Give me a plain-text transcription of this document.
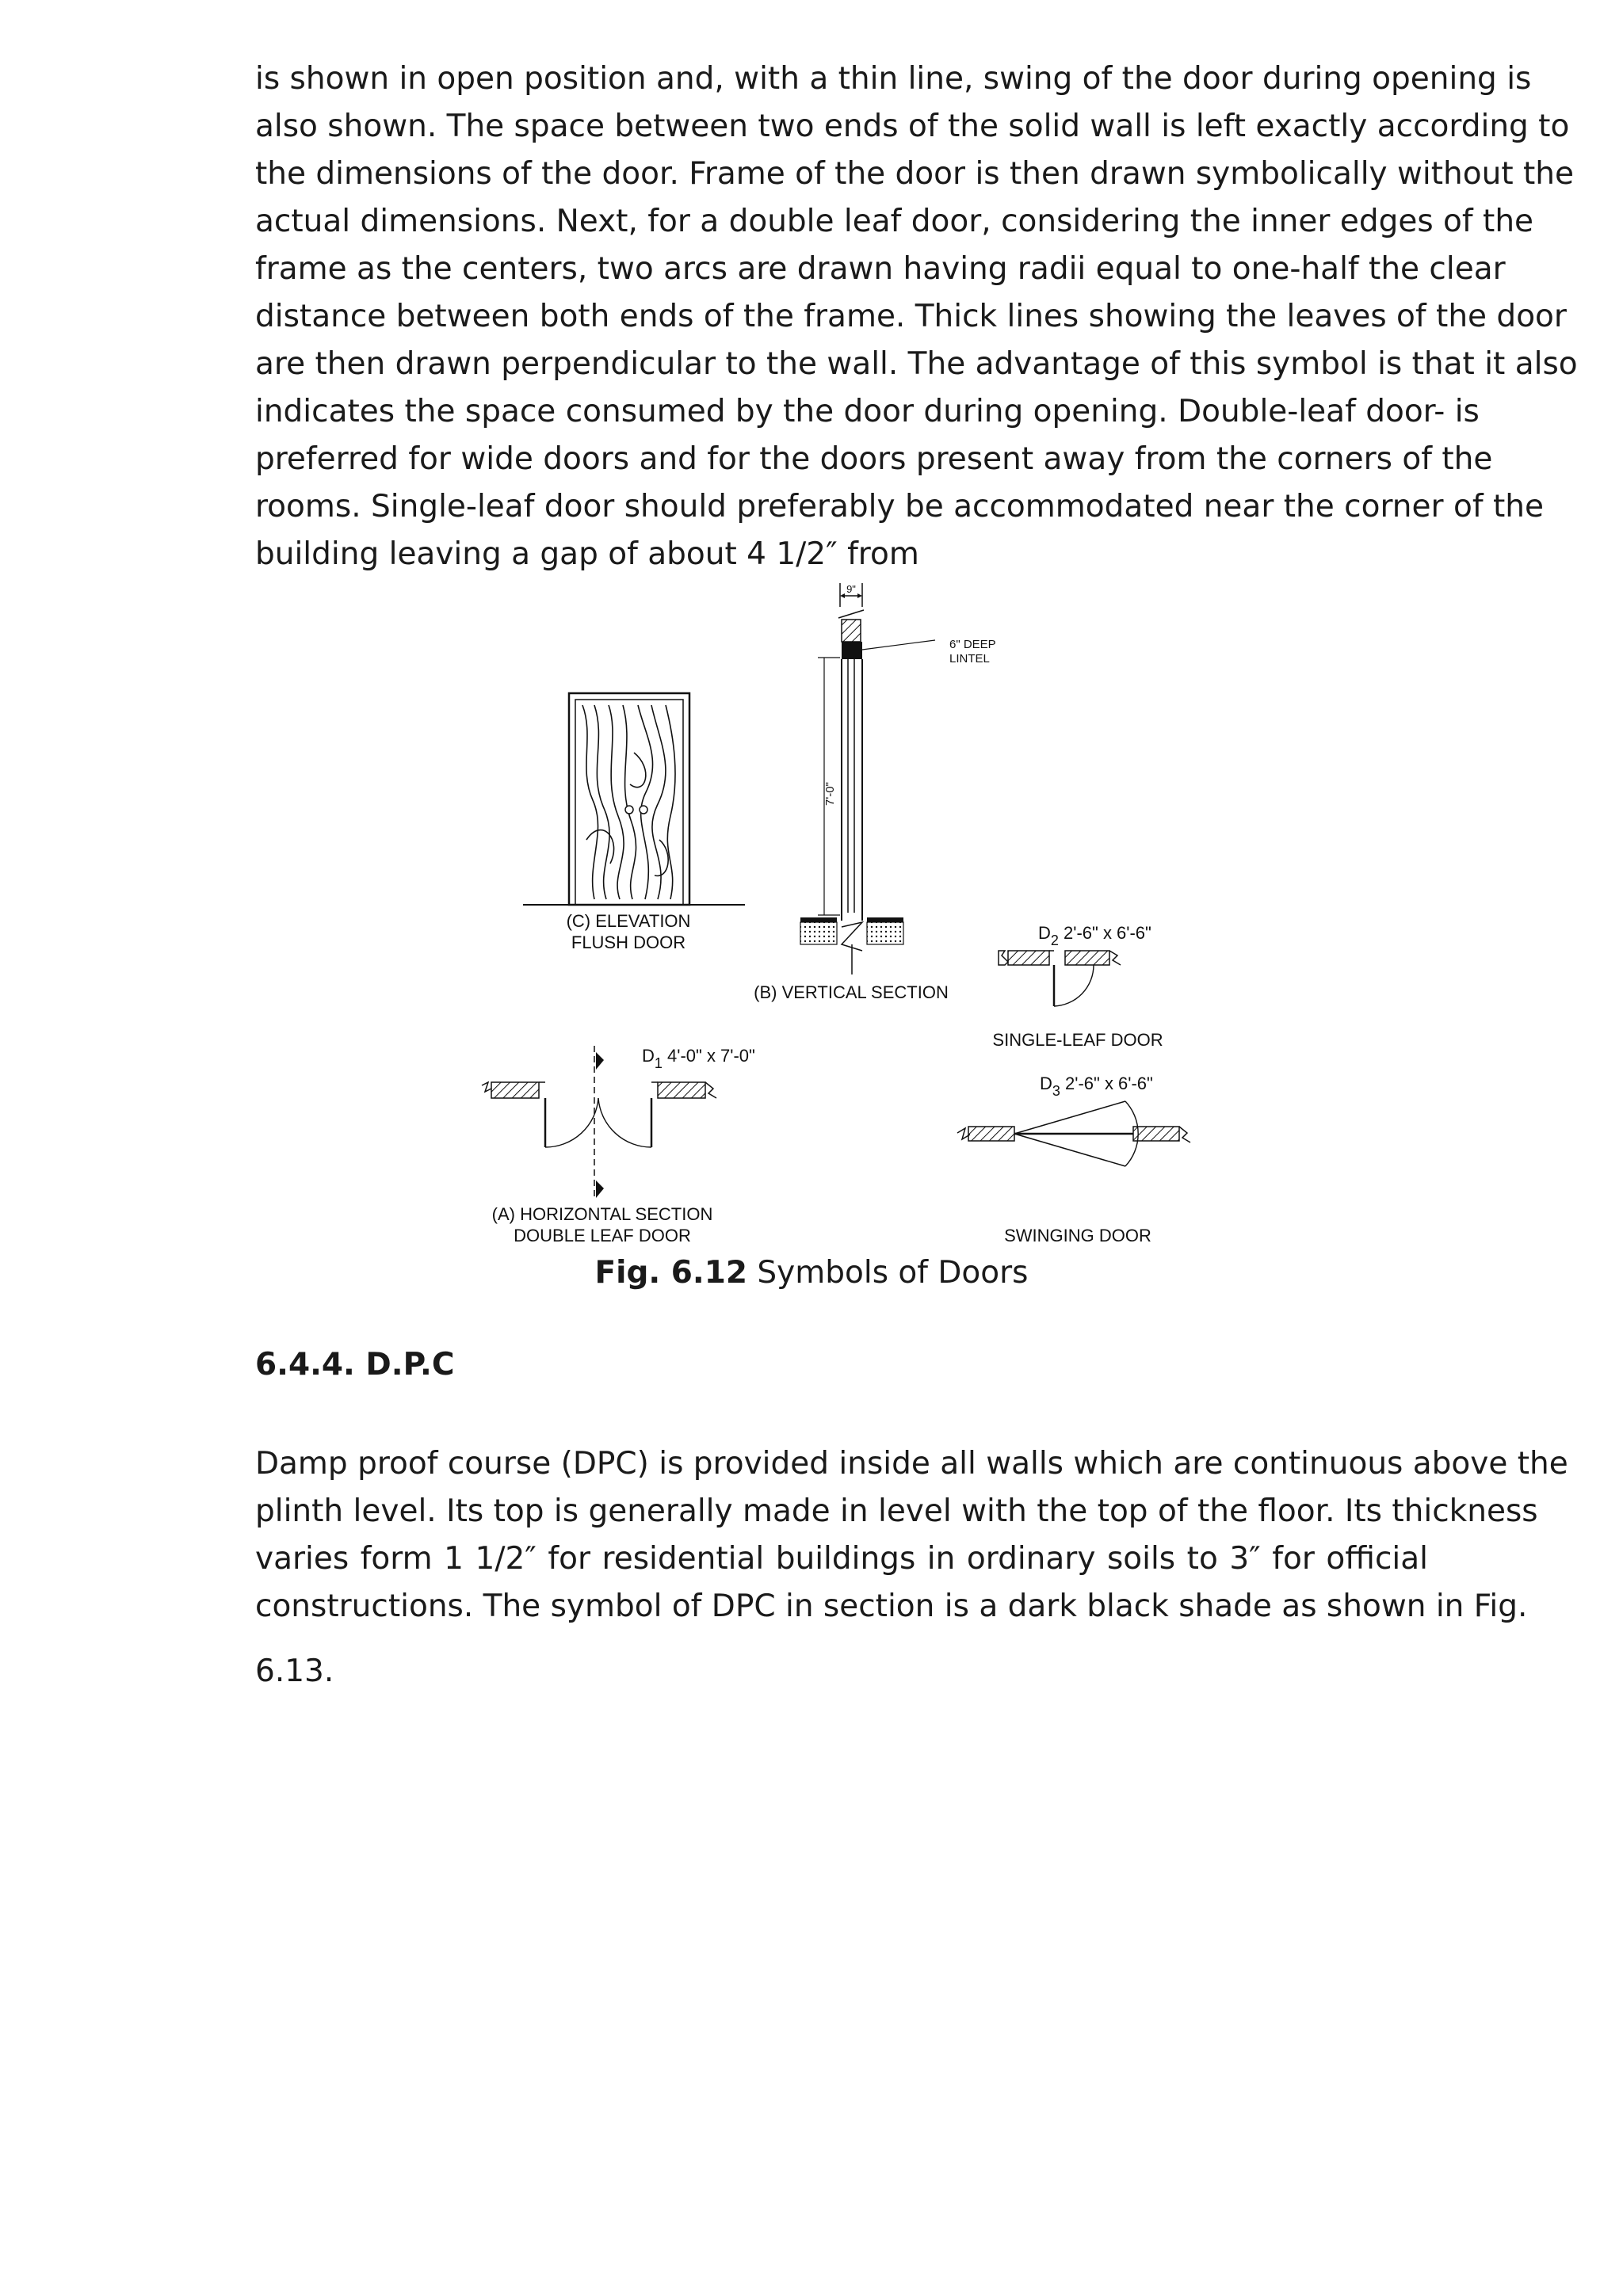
is shown in open position and, with a thin line, swing of the door during opening is
also shown. The space between two ends of the solid wall is left exactly according to
the dimensions of the door. Frame of the door is then drawn symbolically without the
actual dimensions. Next, for a double leaf door, considering the inner edges of the
frame as the centers, two arcs are drawn having radii equal to one-half the clear
distance between both ends of the frame. Thick lines showing the leaves of the door
are then drawn perpendicular to the wall. The advantage of this symbol is that it also
indicates the space consumed by the door during opening. Double-leaf door- is
preferred for wide doors and for the doors present away from the corners of the
rooms. Single-leaf door should preferably be accommodated near the corner of the
building leaving a gap of about 4 1/2″ from
(C) ELEVATION
FLUSH DOOR
9"
6" DEEP
LINTEL
7'-0"
(B) VERTICAL SECTION
$D_2$ 2'-6" x 6'-6"
SINGLE-LEAF DOOR
$D_1$ 4'-0" x 7'-0"
(A) HORIZONTAL SECTION
DOUBLE LEAF DOOR
$D_3$ 2'-6" x 6'-6"
SWINGING DOOR
Fig. 6.12 Symbols of Doors
6.4.4. D.P.C
Damp proof course (DPC) is provided inside all walls which are continuous above the
plinth level. Its top is generally made in level with the top of the floor. Its thickness
varies form 1 1/2″ for residential buildings in ordinary soils to 3″ for official
constructions. The symbol of DPC in section is a dark black shade as shown in Fig.
6.13.
